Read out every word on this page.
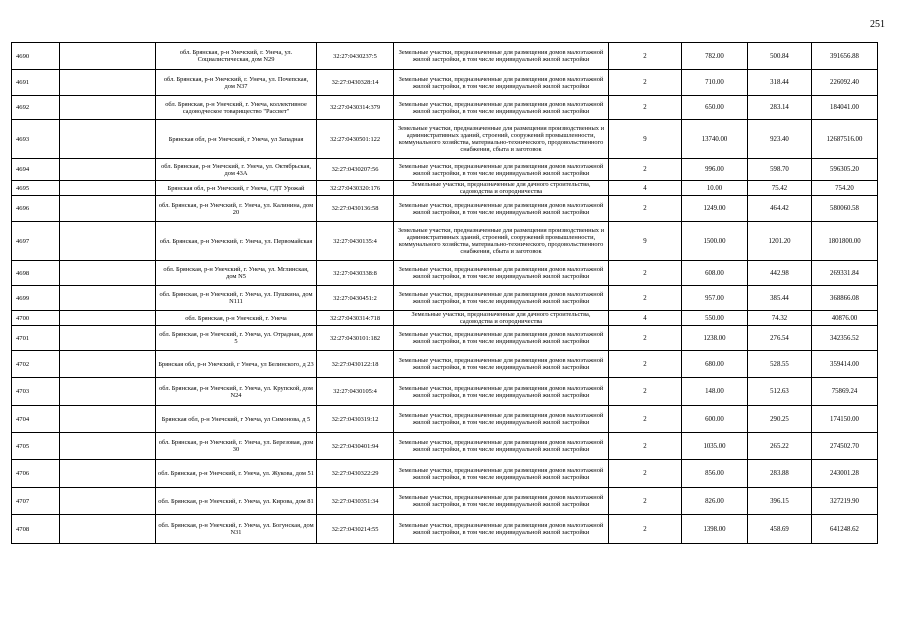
251
4690		обл. Брянская, р-н Унечский, г. Унеча, ул. Социалистическая, дом N29	32:27:0430237:5	Земельные участки, предназначенные для размещения домов малоэтажной жилой застройки, в том числе индивидуальной жилой застройки	2	782.00	500.84	391656.88
4691		обл. Брянская, р-н Унечский, г. Унеча, ул. Почепская, дом N37	32:27:0430328:14	Земельные участки, предназначенные для размещения домов малоэтажной жилой застройки, в том числе индивидуальной жилой застройки	2	710.00	318.44	226092.40
4692		обл. Брянская, р-н Унечский, г. Унеча, коллективное садоводческое товарищество "Рассвет"	32:27:0430314:379	Земельные участки, предназначенные для размещения домов малоэтажной жилой застройки, в том числе индивидуальной жилой застройки	2	650.00	283.14	184041.00
4693		Брянская обл, р-н Унечский, г Унеча, ул Западная	32:27:0430501:122	Земельные участки, предназначенные для размещения производственных и административных зданий, строений, сооружений промышленности, коммунального хозяйства, материально-технического, продовольственного снабжения, сбыта и заготовок	9	13740.00	923.40	12687516.00
4694		обл. Брянская, р-н Унечский, г. Унеча, ул. Октябрьская, дом 43А	32:27:0430207:56	Земельные участки, предназначенные для размещения домов малоэтажной жилой застройки, в том числе индивидуальной жилой застройки	2	996.00	598.70	596305.20
4695		Брянская обл, р-н Унечский, г Унеча, СДТ Урожай	32:27:0430320:176	Земельные участки, предназначенные для дачного строительства, садоводства и огородничества	4	10.00	75.42	754.20
4696		обл. Брянская, р-н Унечский, г. Унеча, ул. Калинина, дом 20	32:27:0430136:58	Земельные участки, предназначенные для размещения домов малоэтажной жилой застройки, в том числе индивидуальной жилой застройки	2	1249.00	464.42	580060.58
4697		обл. Брянская, р-н Унечский, г. Унеча, ул. Первомайская	32:27:0430135:4	Земельные участки, предназначенные для размещения производственных и административных зданий, строений, сооружений промышленности, коммунального хозяйства, материально-технического, продовольственного снабжения, сбыта и заготовок	9	1500.00	1201.20	1801800.00
4698		обл. Брянская, р-н Унечский, г. Унеча, ул. Мглинская, дом N5	32:27:0430338:8	Земельные участки, предназначенные для размещения домов малоэтажной жилой застройки, в том числе индивидуальной жилой застройки	2	608.00	442.98	269331.84
4699		обл. Брянская, р-н Унечский, г. Унеча, ул. Пушкина, дом N111	32:27:0430451:2	Земельные участки, предназначенные для размещения домов малоэтажной жилой застройки, в том числе индивидуальной жилой застройки	2	957.00	385.44	368866.08
4700		обл. Брянская, р-н Унечский, г. Унеча	32:27:0430314:718	Земельные участки, предназначенные для дачного строительства, садоводства и огородничества	4	550.00	74.32	40876.00
4701		обл. Брянская, р-н Унечский, г. Унеча, ул. Отрадная, дом 5	32:27:0430101:182	Земельные участки, предназначенные для размещения домов малоэтажной жилой застройки, в том числе индивидуальной жилой застройки	2	1238.00	276.54	342356.52
4702		Брянская обл, р-н Унечский, г Унеча, ул Белинского, д 23	32:27:0430122:18	Земельные участки, предназначенные для размещения домов малоэтажной жилой застройки, в том числе индивидуальной жилой застройки	2	680.00	528.55	359414.00
4703		обл. Брянская, р-н Унечский, г. Унеча, ул. Крупской, дом N24	32:27:0430105:4	Земельные участки, предназначенные для размещения домов малоэтажной жилой застройки, в том числе индивидуальной жилой застройки	2	148.00	512.63	75869.24
4704		Брянская обл, р-н Унечский, г Унеча, ул Симонова, д 5	32:27:0430319:12	Земельные участки, предназначенные для размещения домов малоэтажной жилой застройки, в том числе индивидуальной жилой застройки	2	600.00	290.25	174150.00
4705		обл. Брянская, р-н Унечский, г. Унеча, ул. Березовая, дом 30	32:27:0430401:94	Земельные участки, предназначенные для размещения домов малоэтажной жилой застройки, в том числе индивидуальной жилой застройки	2	1035.00	265.22	274502.70
4706		обл. Брянская, р-н Унечский, г. Унеча, ул. Жукова, дом 51	32:27:0430322:29	Земельные участки, предназначенные для размещения домов малоэтажной жилой застройки, в том числе индивидуальной жилой застройки	2	856.00	283.88	243001.28
4707		обл. Брянская, р-н Унечский, г. Унеча, ул. Кирова, дом 81	32:27:0430351:34	Земельные участки, предназначенные для размещения домов малоэтажной жилой застройки, в том числе индивидуальной жилой застройки	2	826.00	396.15	327219.90
4708		обл. Брянская, р-н Унечский, г. Унеча, ул. Богунская, дом N31	32:27:0430214:55	Земельные участки, предназначенные для размещения домов малоэтажной жилой застройки, в том числе индивидуальной жилой застройки	2	1398.00	458.69	641248.62
